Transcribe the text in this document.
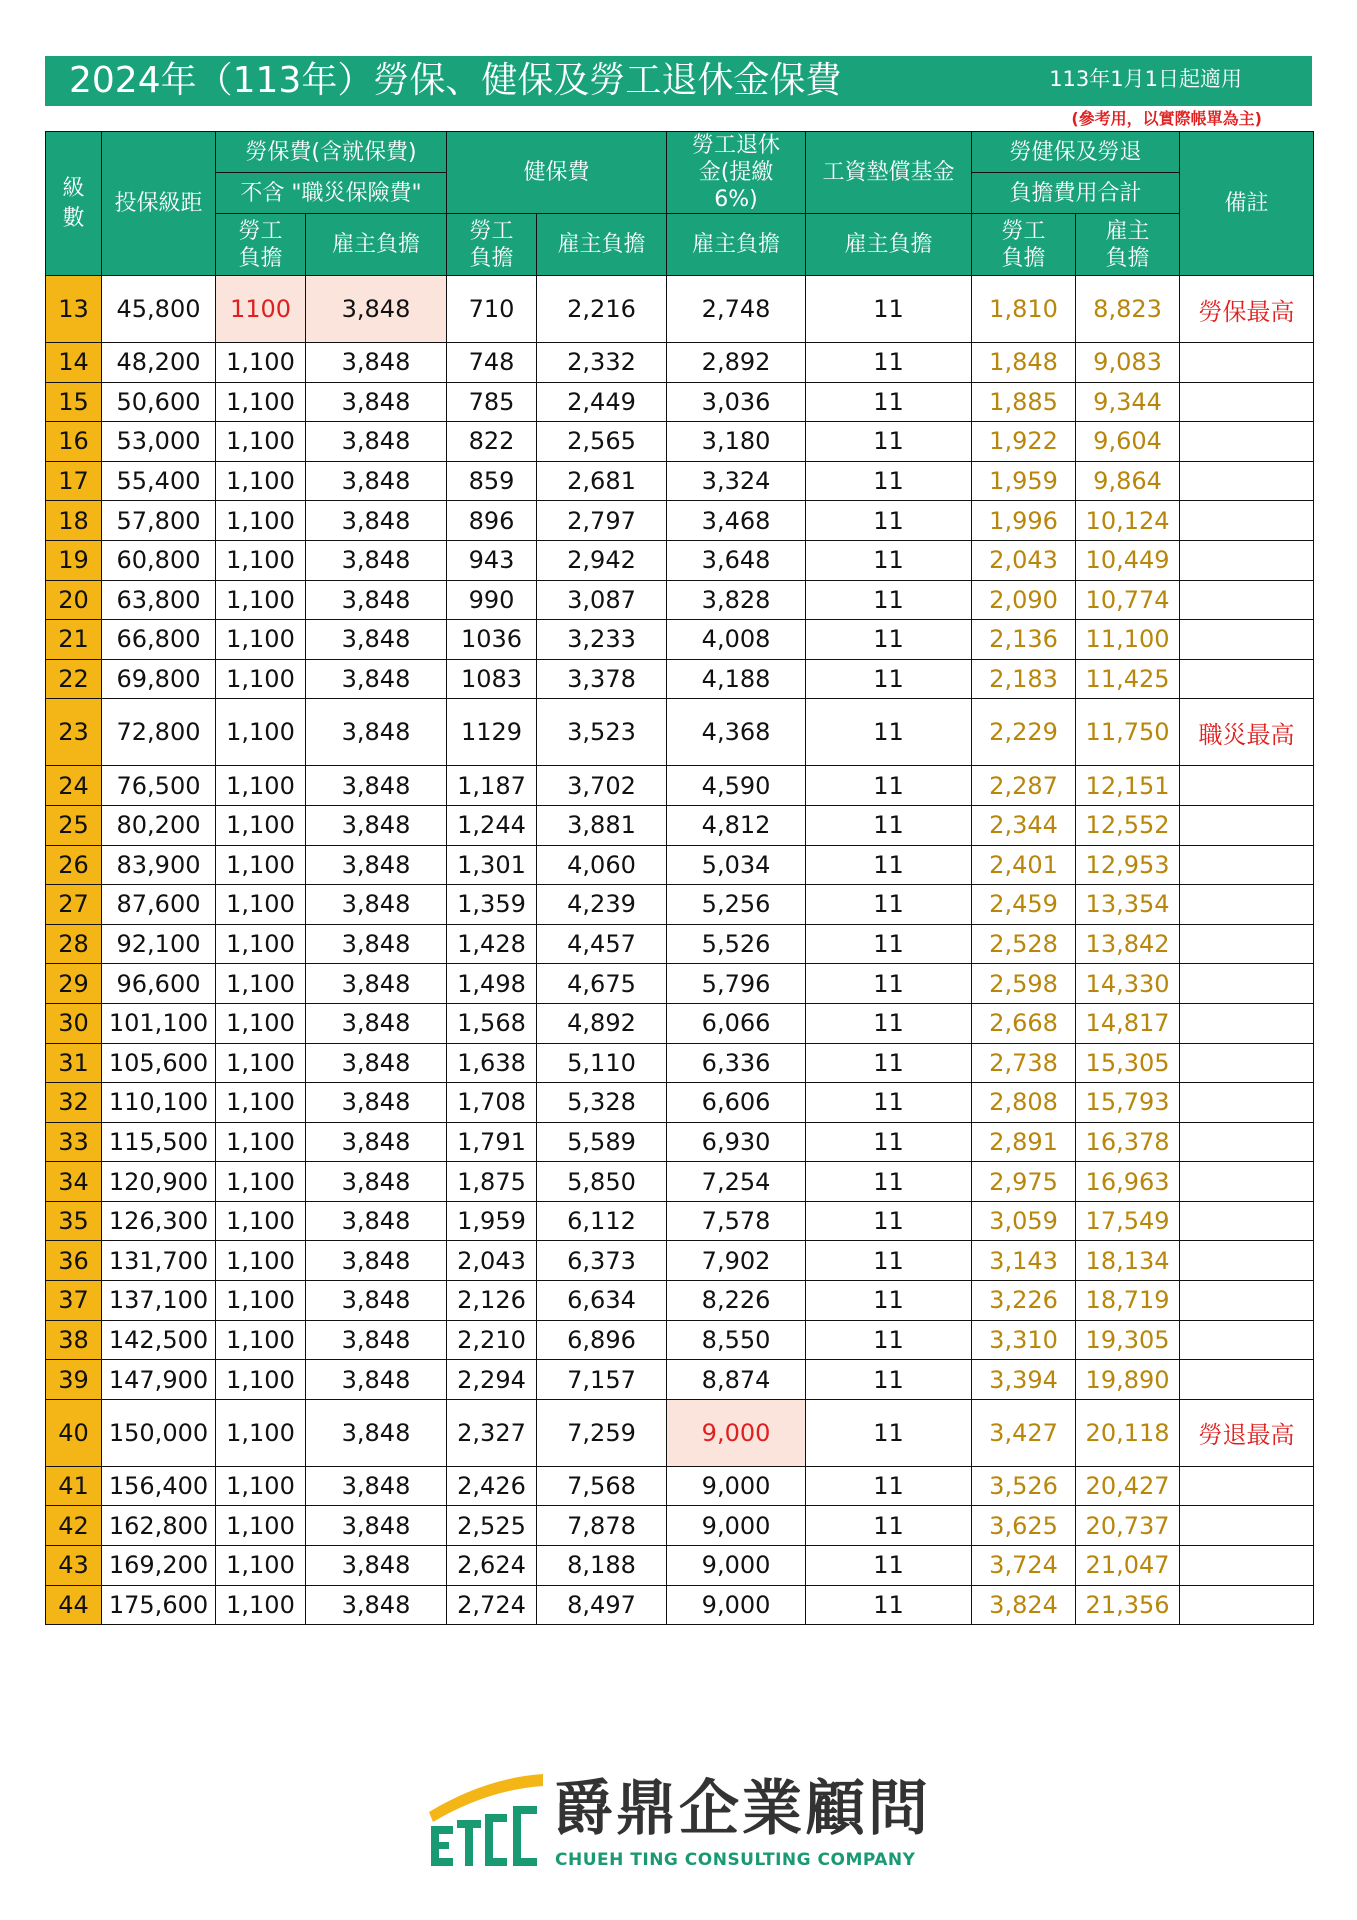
2024年（113年）勞保、健保及勞工退休金保費	113年1月1日起適用
(參考用，以實際帳單為主)
級數	投保級距	勞保費(含就保費)		健保費		勞工退休金(提繳6%)	工資墊償基金	勞健保及勞退		備註
		不含 "職災保險費"						負擔費用合計		
		勞工負擔	雇主負擔	勞工負擔	雇主負擔	雇主負擔	雇主負擔	勞工負擔	雇主負擔	
13	45,800	1100	3,848	710	2,216	2,748	11	1,810	8,823	勞保最高
14	48,200	1,100	3,848	748	2,332	2,892	11	1,848	9,083	
15	50,600	1,100	3,848	785	2,449	3,036	11	1,885	9,344	
16	53,000	1,100	3,848	822	2,565	3,180	11	1,922	9,604	
17	55,400	1,100	3,848	859	2,681	3,324	11	1,959	9,864	
18	57,800	1,100	3,848	896	2,797	3,468	11	1,996	10,124	
19	60,800	1,100	3,848	943	2,942	3,648	11	2,043	10,449	
20	63,800	1,100	3,848	990	3,087	3,828	11	2,090	10,774	
21	66,800	1,100	3,848	1036	3,233	4,008	11	2,136	11,100	
22	69,800	1,100	3,848	1083	3,378	4,188	11	2,183	11,425	
23	72,800	1,100	3,848	1129	3,523	4,368	11	2,229	11,750	職災最高
24	76,500	1,100	3,848	1,187	3,702	4,590	11	2,287	12,151	
25	80,200	1,100	3,848	1,244	3,881	4,812	11	2,344	12,552	
26	83,900	1,100	3,848	1,301	4,060	5,034	11	2,401	12,953	
27	87,600	1,100	3,848	1,359	4,239	5,256	11	2,459	13,354	
28	92,100	1,100	3,848	1,428	4,457	5,526	11	2,528	13,842	
29	96,600	1,100	3,848	1,498	4,675	5,796	11	2,598	14,330	
30	101,100	1,100	3,848	1,568	4,892	6,066	11	2,668	14,817	
31	105,600	1,100	3,848	1,638	5,110	6,336	11	2,738	15,305	
32	110,100	1,100	3,848	1,708	5,328	6,606	11	2,808	15,793	
33	115,500	1,100	3,848	1,791	5,589	6,930	11	2,891	16,378	
34	120,900	1,100	3,848	1,875	5,850	7,254	11	2,975	16,963	
35	126,300	1,100	3,848	1,959	6,112	7,578	11	3,059	17,549	
36	131,700	1,100	3,848	2,043	6,373	7,902	11	3,143	18,134	
37	137,100	1,100	3,848	2,126	6,634	8,226	11	3,226	18,719	
38	142,500	1,100	3,848	2,210	6,896	8,550	11	3,310	19,305	
39	147,900	1,100	3,848	2,294	7,157	8,874	11	3,394	19,890	
40	150,000	1,100	3,848	2,327	7,259	9,000	11	3,427	20,118	勞退最高
41	156,400	1,100	3,848	2,426	7,568	9,000	11	3,526	20,427	
42	162,800	1,100	3,848	2,525	7,878	9,000	11	3,625	20,737	
43	169,200	1,100	3,848	2,624	8,188	9,000	11	3,724	21,047	
44	175,600	1,100	3,848	2,724	8,497	9,000	11	3,824	21,356	
爵鼎企業顧問
CHUEH TING CONSULTING COMPANY
